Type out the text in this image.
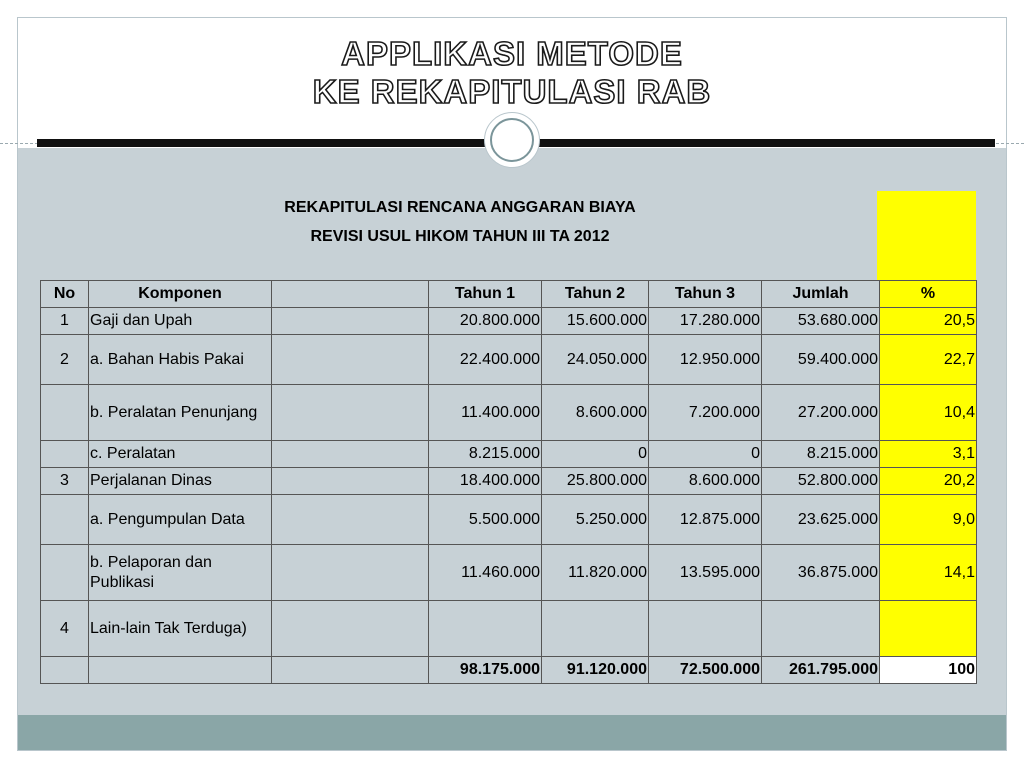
APPLIKASI METODE
KE REKAPITULASI RAB
REKAPITULASI RENCANA ANGGARAN BIAYA
REVISI USUL HIKOM TAHUN III TA 2012
No	Komponen		Tahun 1	Tahun 2	Tahun 3	Jumlah	%
1	Gaji dan Upah		20.800.000	15.600.000	17.280.000	53.680.000	20,5
2	a. Bahan Habis Pakai		22.400.000	24.050.000	12.950.000	59.400.000	22,7
	b. Peralatan Penunjang		11.400.000	8.600.000	7.200.000	27.200.000	10,4
	c. Peralatan		8.215.000	0	0	8.215.000	3,1
3	Perjalanan Dinas		18.400.000	25.800.000	8.600.000	52.800.000	20,2
	a. Pengumpulan Data		5.500.000	5.250.000	12.875.000	23.625.000	9,0
	b. Pelaporan dan Publikasi		11.460.000	11.820.000	13.595.000	36.875.000	14,1
4	Lain-lain Tak Terduga)						
			98.175.000	91.120.000	72.500.000	261.795.000	100
